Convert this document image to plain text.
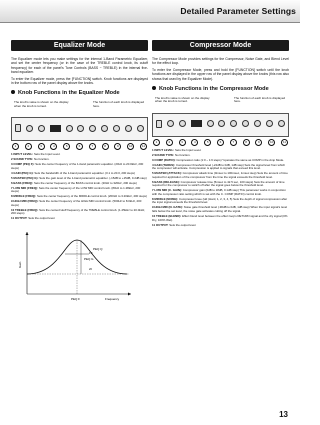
Detailed Parameter Settings
Equalizer Mode

The Equalizer mode lets you make settings for the internal 1-Band Parametric Equalizer, and set the center frequency (or in the case of the TREBLE control knob, its cutoff frequency) for each of the panel's Tone Controls (BASS ~ TREBLE) in the internal five-band equalizer.

To enter the Equalizer mode, press the [FUNCTION] switch. Knob functions are displayed in the bottom row of the panel display above the knobs.

Knob Functions in the Equalizer Mode
The knob's value is shown on the display when the knob is turned.
The function of each knob is displayed here.
1	2	3	4	5	6	7	8	9	10	11
1 INPUT LEVEL: Sets the Input Level.
2 SOUND TYPE: No function.
3 COMP (PEQ F): Sets the center frequency of the 1-band parametric equalizer. (20Hz to 20.0kHz, 200 steps)
4 GAIN (PEQ G): Sets the bandwidth of the 1-band parametric equalizer. (0.1 to 20.0, 200 steps)
5 MASTER (PEQ G): Sets the gain level of the 1-band parametric equalizer. (-15dB to +15dB, 0.2dB step)
6 BASS (FREQ): Sets the center frequency of the BASS control knob. (20Hz to 320Hz, 200 steps)
7 LOW MID (FREQ): Sets the center frequency of the LOW MID control knob. (80Hz to 1.28kHz, 200 steps)
8 MIDDLE (FREQ): Sets the center frequency of the MIDDLE control knob. (200Hz to 3.20kHz, 200 steps)
9 HIGH MID (FREQ): Sets the center frequency of the HIGH MID control knob. (500Hz to 8.0kHz, 200 steps)
10 TREBLE (FREQ): Sets the center/cutoff frequency of the TREBLE control knob. (1.25kHz to 20.0kHz, 200 steps)
11 OUTPUT: Sets the output level.
Gain
Frequency
PEQ Q
PEQ G
PEQ F
1.5
20
Compressor Mode

The Compressor Mode provides settings for the Compressor, Noise Gate, and Blend Level for the effect loop.

To enter the Compressor Mode, press and hold the [FUNCTION] switch until the knob functions are displayed in the upper row of the panel display above the knobs (this row also shows that used by the Equalizer Mode).

Knob Functions in the Compressor Mode
The knob's value is shown on the display when the knob is turned.
The function of each knob is displayed here.
1	2	3	4	5	6	7	8	9	10	11
1 INPUT LEVEL: Sets the Input Level.
2 SOUND TYPE: No function.
3 COMP (RATIO): Compression ratio (1:0 ~ 1:6 steps) *operates the same as COMP in the Amp Mode.
4 GAIN (THRES): Compressor threshold level (-24dB to 0dB, 1dB step) Sets the signal level from which the compressor will activate. Compression is applied to signals that exceed this level.
5 MASTER (ATTACK): Compressor attack time (0msec to 100msec, 1msec step) Sets the amount of time required for application of the compressor from the time the signal exceeds the threshold level.
6 BASS (RELEASE): Compressor release time (5msec to 42.5 sec, 100 steps) Sets the amount of time required for the compressor to switch off after the signal goes below the threshold level.
7 LOW MID (C. GAIN): Compressor gain (0dB to 18dB, 0.1dB step) This parameter works in conjunction with the compressor ratio setting which is set with the C. COMP (RATIO) control knob.
8 MIDDLE (NOISE): Compressor knee (Hd (Hard, 1, 2, 3, 4, 5) Sets the depth of signal compression after the input signal exceeds the threshold level.
9 HIGH MID (N. GATE): Noise gate threshold level (-96dB to 0dB, 1dB step) When the input signal's level falls below the set level, the noise gate activates cutting off the signal.
10 TREBLE (BLEND): Effect blend level between the effect loop's RETURN signal and the dry signal (0% Dry, 100% Wet).
11 OUTPUT: Sets the output level.
13
